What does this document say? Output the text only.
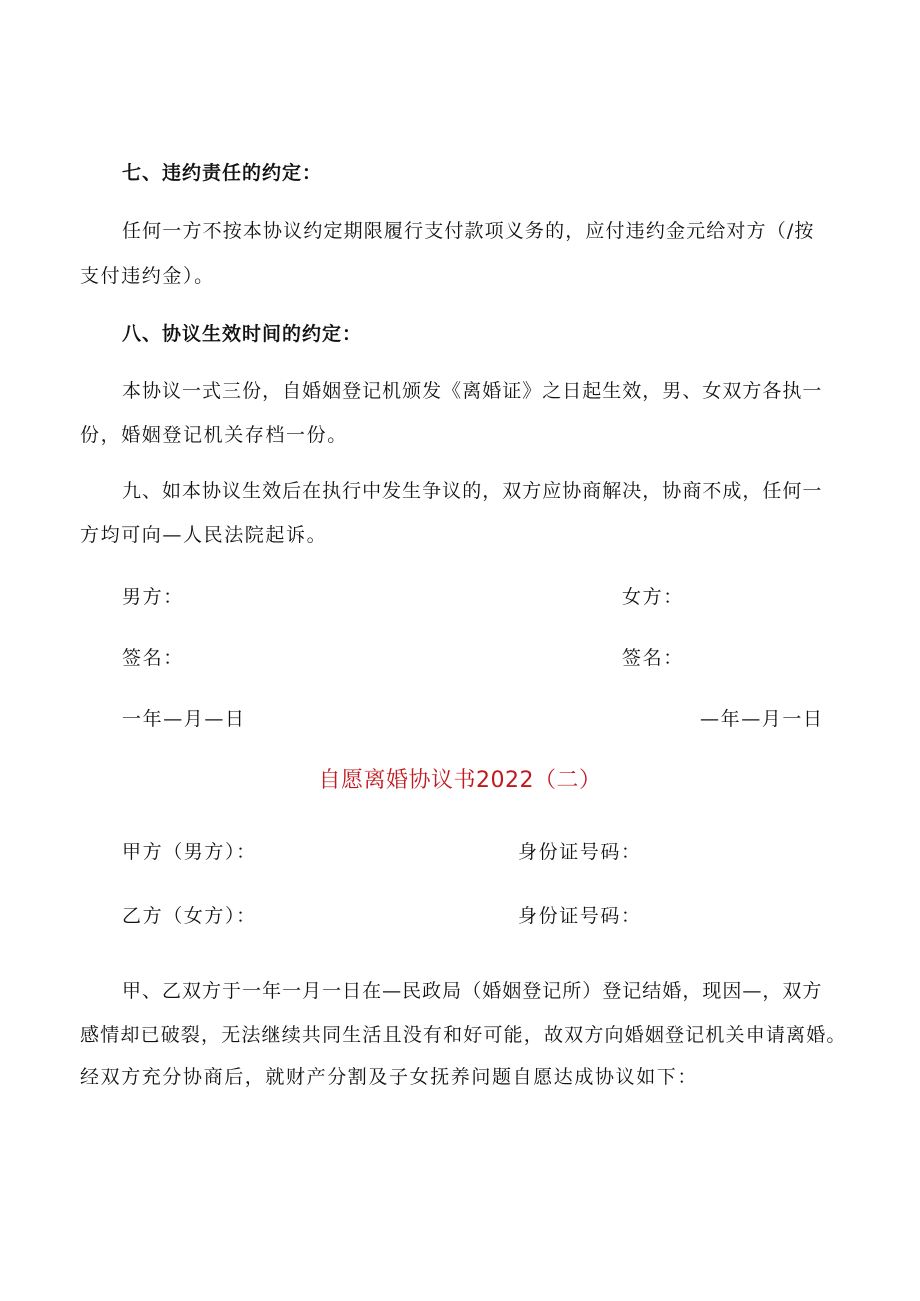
七、违约责任的约定：
任何一方不按本协议约定期限履行支付款项义务的，应付违约金元给对方（/按
支付违约金）。
八、协议生效时间的约定：
本协议一式三份，自婚姻登记机颁发《离婚证》之日起生效，男、女双方各执一
份，婚姻登记机关存档一份。
九、如本协议生效后在执行中发生争议的，双方应协商解决，协商不成，任何一
方均可向—人民法院起诉。
男方：	女方：
签名：	签名：
一年—月—日	—年—月一日
自愿离婚协议书2022（二）
甲方（男方）：	身份证号码：
乙方（女方）：	身份证号码：
甲、乙双方于一年一月一日在—民政局（婚姻登记所）登记结婚，现因—，双方
感情却已破裂，无法继续共同生活且没有和好可能，故双方向婚姻登记机关申请离婚。
经双方充分协商后，就财产分割及子女抚养问题自愿达成协议如下：
